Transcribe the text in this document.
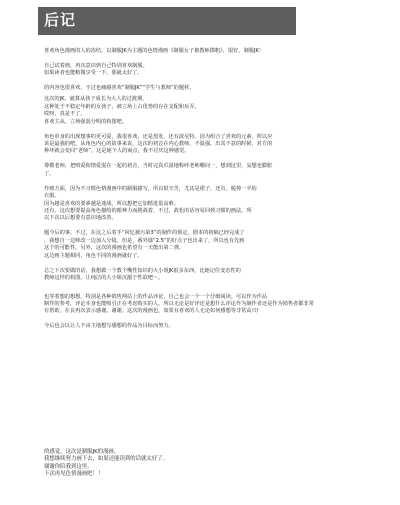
后记
喜欢角色漫画的人的冻结。以制服JK为主题的色情漫画《制服女子被教师掷粗》，很好，制服JK！
自己试着画，再次意识到自己特别喜欢制服。
如果读者也能稍微享受一下，那就太好了。
的内容也很喜欢，不过也痛感喜欢“制服JK”“学生与教师”的题材。
这次的JK，就算从孩子成长为大人的过渡期，
这种处于不稳定年龄的女孩子，被立场上占优势的存在支配和玩弄。
哎呀，真是不了。
喜欢主从、立场强弱分明的构图吧。
角色单身的出现想事的更可爱，我很喜欢，还是黑发、还有波尼特。因为组合了喜欢的元素，所以应
该是最强的吧。从角色内心的故事来说，这次的初音在内心教师，不温强。出其不意的时候，对方的
种坏就会变回“老师”，这是她个人的商点，我不讨厌这种感觉。
尊敬老师，把喷爱和情爱混在一起的初音，当时完真爪滋地称呼老师哪问一，想到这里，妄想也膨胀
了。
作画方面，因为不习惯色情漫画中的制服描写，所以很辛苦，尤其是裙子，还有，脱掉一半的
衣服。
因为越是喜欢的要素越是迷战，所以想把它加精进很高难。
还有，这次想要提高角色描绘的眼神力而挑战着，不过，故松的话容易回到习惯的画法，所
以下次以后想要有意识地改善。
题今后的事，不过，在这之后着手“回忆被污染3”的制作的预定。剧本的初稿已经完成了
，我想自一边帅改一边加入分镜。但是，番外篇“2.5”的好点子也出来了，所以也有先画
这个的可能性。另外，这次的漫画也希望有一天能出第二弹。
这边画主题相同，角色不同的漫画就好了。
总之下次要做的话，我想做一个教个嘴性知识的大小姐JK很多东西，比她记住变态性的
教师这样的构图。让纯洁的大小姐沉溺于性欲吧～。
也等着想的想想。特别是各种销售网站上的作品评论，自己也会一个一个仔细阅读。可以作为作品
制作的参考，评论本身也能吸引正在考虑购买的人，所以无论是好评还是想什么评论作为制作者还是作为销售者都非常
有帮助。在良再次表示感谢。谢谢。这次的漫画也，如果有喜欢的人无论如何感想等非常高兴!
今后也会以让人不由主地想写感想的作品为目标而努力。
的感觉，这次是制服JK的漫画。
我想继续努力画下去，如果还能读到的话就太好了。
谢谢你陪我到这里。
下次再见色情漫画吧！！
